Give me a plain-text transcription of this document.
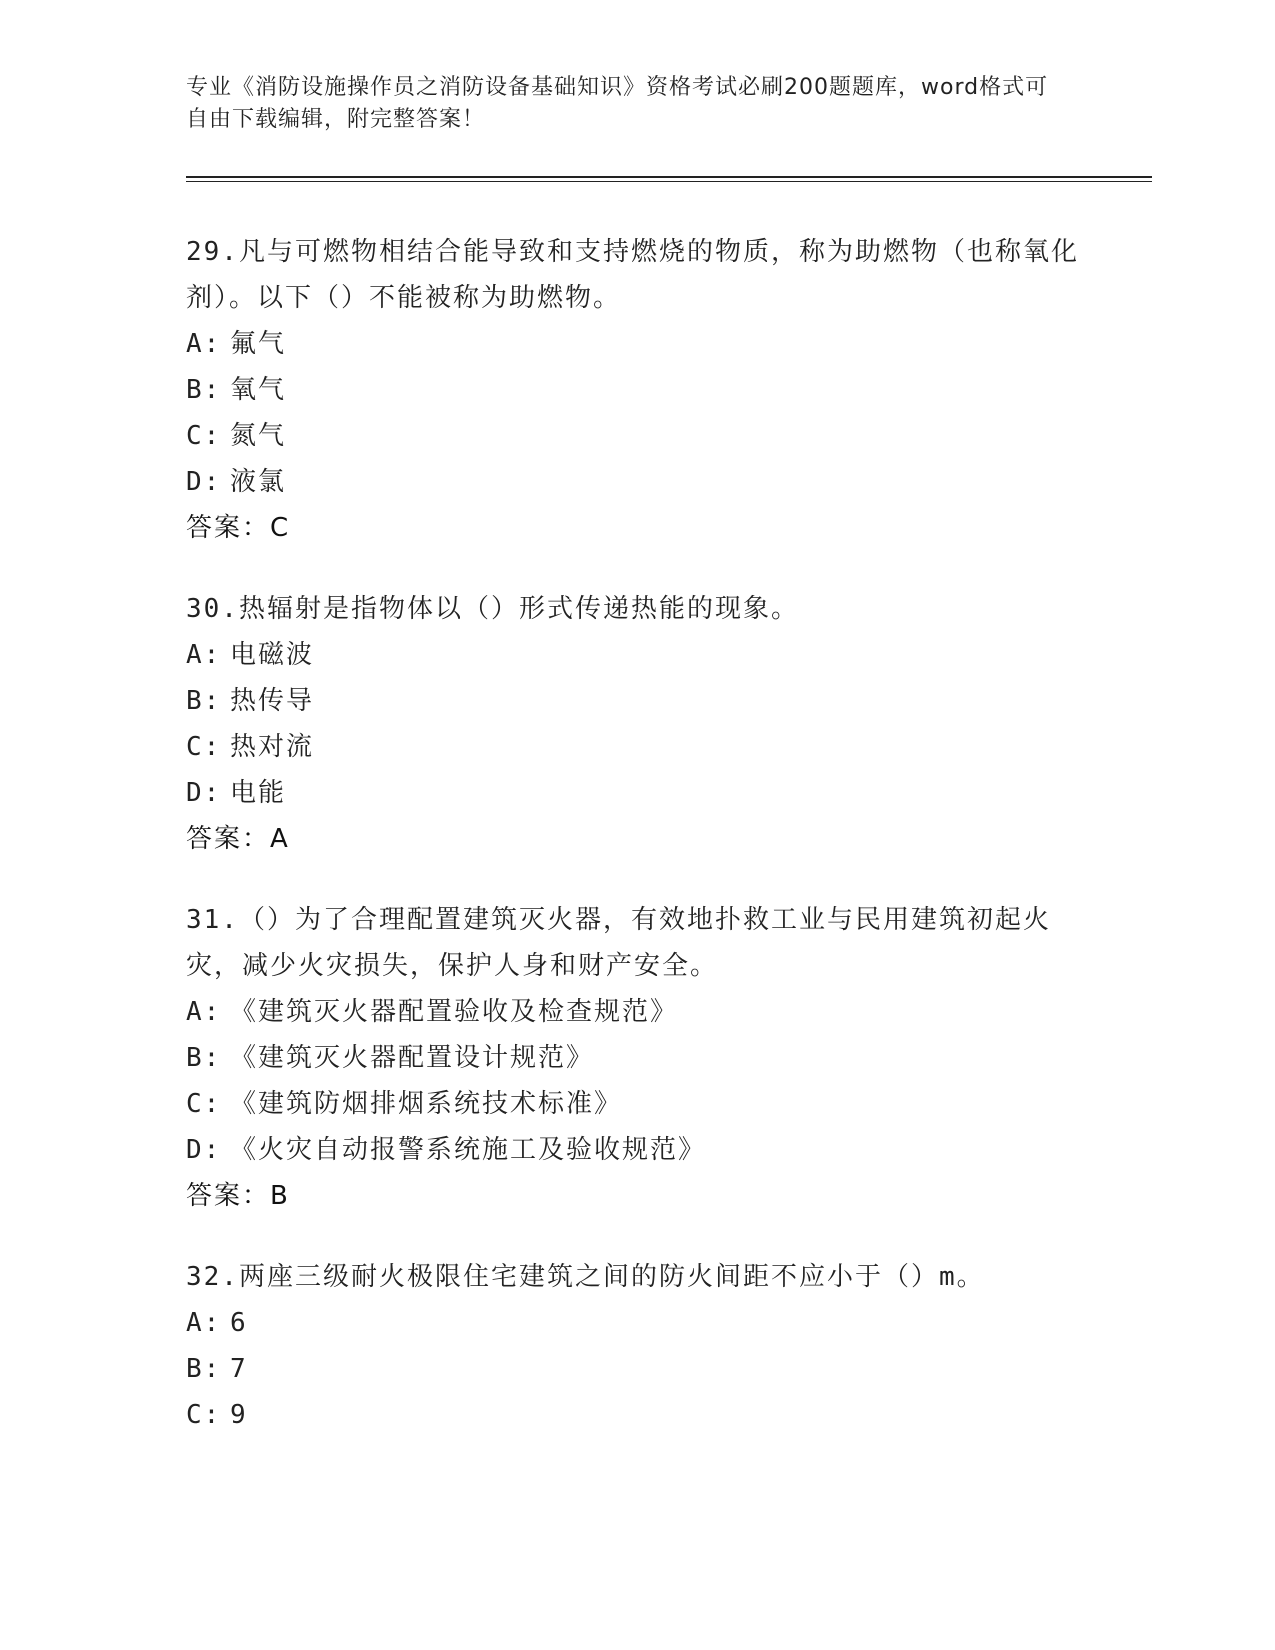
专业《消防设施操作员之消防设备基础知识》资格考试必刷200题题库，word格式可自由下载编辑，附完整答案！
29.凡与可燃物相结合能导致和支持燃烧的物质，称为助燃物（也称氧化剂）。以下（）不能被称为助燃物。
A: 氟气
B: 氧气
C: 氮气
D: 液氯
答案：C
30.热辐射是指物体以（）形式传递热能的现象。
A: 电磁波
B: 热传导
C: 热对流
D: 电能
答案：A
31.（）为了合理配置建筑灭火器，有效地扑救工业与民用建筑初起火灾，减少火灾损失，保护人身和财产安全。
A: 《建筑灭火器配置验收及检查规范》
B: 《建筑灭火器配置设计规范》
C: 《建筑防烟排烟系统技术标准》
D: 《火灾自动报警系统施工及验收规范》
答案：B
32.两座三级耐火极限住宅建筑之间的防火间距不应小于（）m。
A: 6
B: 7
C: 9
